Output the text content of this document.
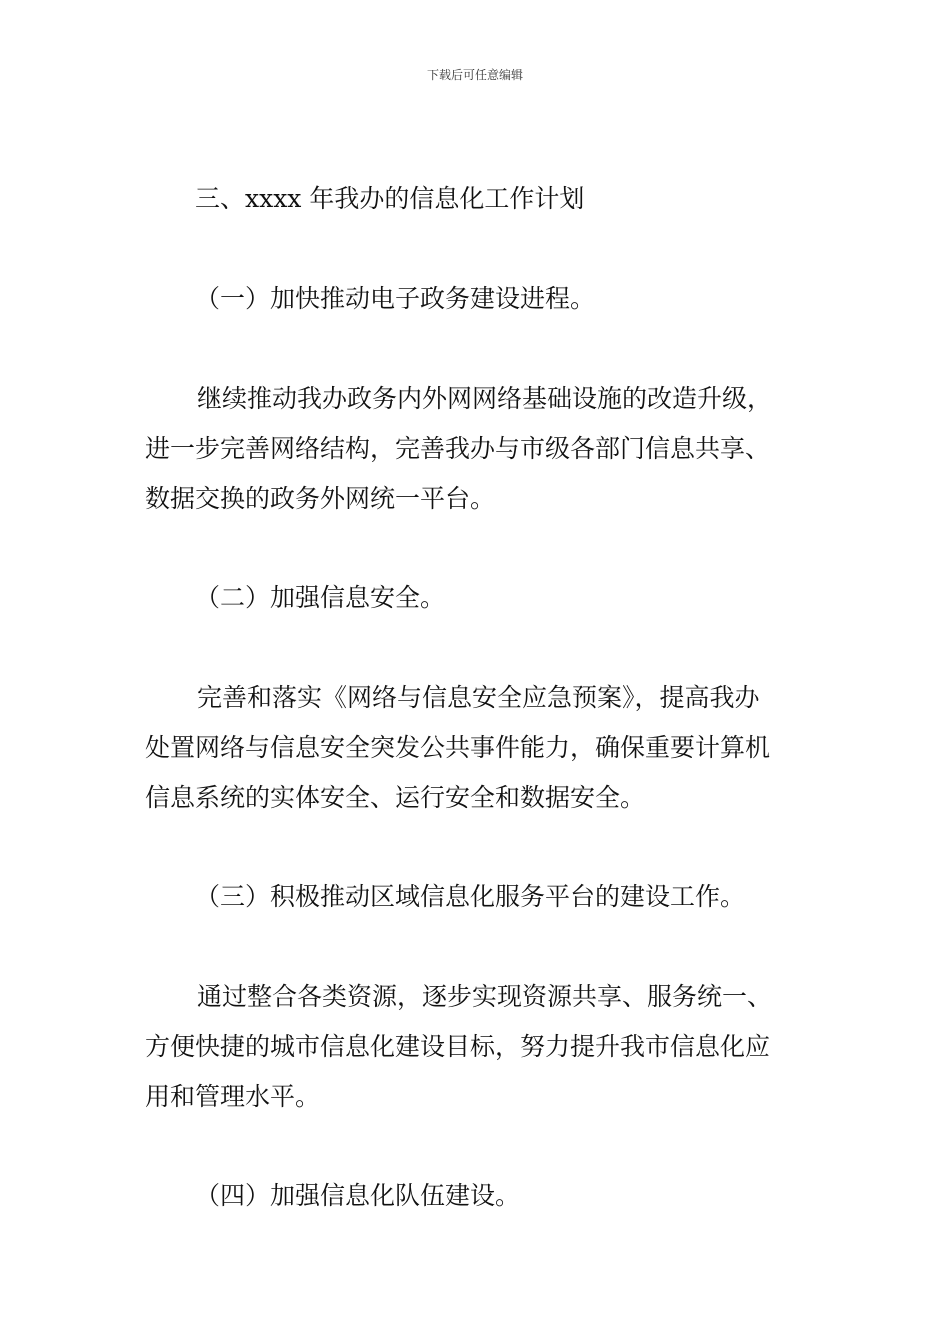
下载后可任意编辑
三、xxxx 年我办的信息化工作计划
（一）加快推动电子政务建设进程。
继续推动我办政务内外网网络基础设施的改造升级，
进一步完善网络结构，完善我办与市级各部门信息共享、
数据交换的政务外网统一平台。
（二）加强信息安全。
完善和落实《网络与信息安全应急预案》，提高我办
处置网络与信息安全突发公共事件能力，确保重要计算机
信息系统的实体安全、运行安全和数据安全。
（三）积极推动区域信息化服务平台的建设工作。
通过整合各类资源，逐步实现资源共享、服务统一、
方便快捷的城市信息化建设目标，努力提升我市信息化应
用和管理水平。
（四）加强信息化队伍建设。
